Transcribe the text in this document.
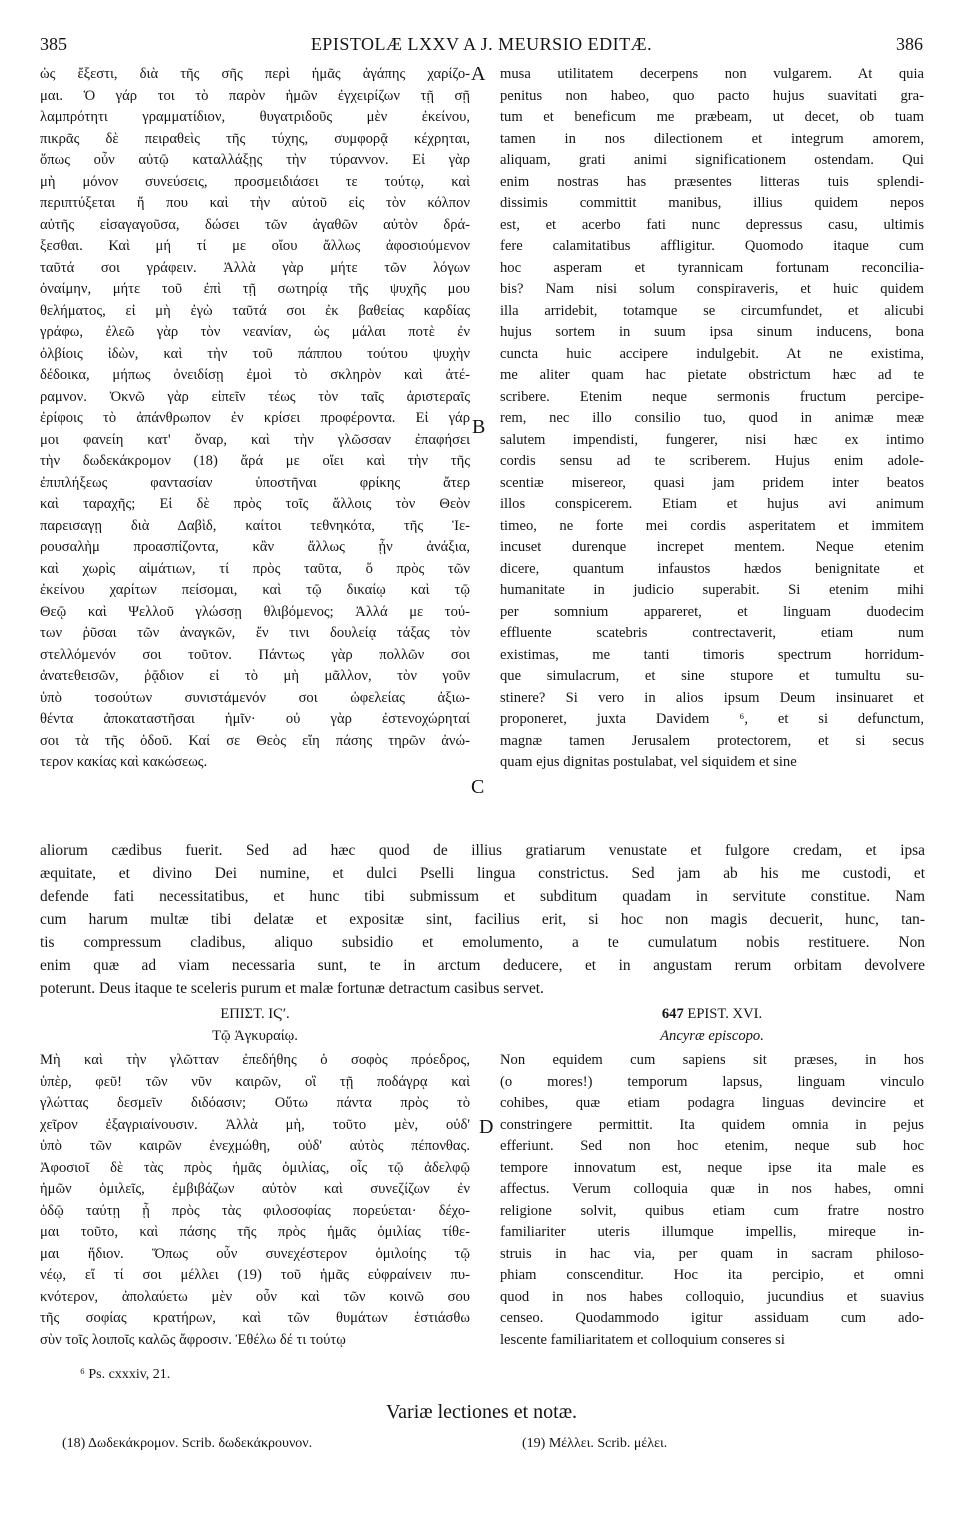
385	EPISTOLÆ LXXV A J. MEURSIO EDITÆ.	386
A
B
C
D
ὡς ἔξεστι, διὰ τῆς σῆς περὶ ἡμᾶς ἀγάπης χαρίζο-
μαι. Ὁ γάρ τοι τὸ παρὸν ἡμῶν ἐγχειρίζων τῇ σῇ
λαμπρότητι γραμματίδιον, θυγατριδοῦς μὲν ἐκείνου,
πικρᾶς δὲ πειραθεὶς τῆς τύχης, συμφορᾷ κέχρηται,
ὅπως οὖν αὐτῷ καταλλάξῃς τὴν τύραννον. Εἰ γὰρ
μὴ μόνον συνεύσεις, προσμειδιάσει τε τούτῳ, καὶ
περιπτύξεται ἤ που καὶ τὴν αὑτοῦ εἰς τὸν κόλπον
αὐτῆς εἰσαγαγοῦσα, δώσει τῶν ἀγαθῶν αὐτὸν δρά-
ξεσθαι. Καὶ μή τί με οἴου ἄλλως ἀφοσιούμενον
ταῦτά σοι γράφειν. Ἀλλὰ γὰρ μήτε τῶν λόγων
ὀναίμην, μήτε τοῦ ἐπὶ τῇ σωτηρίᾳ τῆς ψυχῆς μου
θελήματος, εἰ μὴ ἐγὼ ταῦτά σοι ἐκ βαθείας καρδίας
γράφω, ἐλεῶ γὰρ τὸν νεανίαν, ὡς μάλαι ποτὲ ἐν
ὀλβίοις ἰδὼν, καὶ τὴν τοῦ πάππου τούτου ψυχὴν
δέδοικα, μήπως ὀνειδίσῃ ἐμοὶ τὸ σκληρὸν καὶ ἀτέ-
ραμνον. Ὀκνῶ γὰρ εἰπεῖν τέως τὸν ταῖς ἀριστεραῖς
ἐρίφοις τὸ ἀπάνθρωπον ἐν κρίσει προφέροντα. Εἰ γάρ
μοι φανείη κατ' ὄναρ, καὶ τὴν γλῶσσαν ἐπαφήσει
τὴν δωδεκάκρομον (18) ἄρά με οἴει καὶ τὴν τῆς
ἐπιπλήξεως φαντασίαν ὑποστῆναι φρίκης ἄτερ
καὶ ταραχῆς; Εἰ δὲ πρὸς τοῖς ἄλλοις τὸν Θεὸν
παρεισαγῃ διὰ Δαβὶδ, καίτοι τεθνηκότα, τῆς Ἱε-
ρουσαλὴμ προασπίζοντα, κἂν ἄλλως ᾖν ἀνάξια,
καὶ χωρὶς αἱμάτιων, τί πρὸς ταῦτα, ὅ πρὸς τῶν
ἐκείνου χαρίτων πείσομαι, καὶ τῷ δικαίῳ καὶ τῷ
Θεῷ καὶ Ψελλοῦ γλώσσῃ θλιβόμενος; Ἀλλά με τού-
των ῥῦσαι τῶν ἀναγκῶν, ἔν τινι δουλείᾳ τάξας τὸν
στελλόμενόν σοι τοῦτον. Πάντως γὰρ πολλῶν σοι
ἀνατεθεισῶν, ῥᾷδιον εἰ τὸ μὴ μᾶλλον, τὸν γοῦν
ὑπὸ τοσούτων συνιστάμενόν σοι ὠφελείας ἀξιω-
θέντα ἀποκαταστῆσαι ἡμῖν· οὐ γὰρ ἐστενοχώρηταί
σοι τὰ τῆς ὁδοῦ. Καί σε Θεὸς εἴη πάσης τηρῶν ἀνώ-
τερον κακίας καὶ κακώσεως.
musa utilitatem decerpens non vulgarem. At quia
penitus non habeo, quo pacto hujus suavitati gra-
tum et beneficum me præbeam, ut decet, ob tuam
tamen in nos dilectionem et integrum amorem,
aliquam, grati animi significationem ostendam. Qui
enim nostras has præsentes litteras tuis splendi-
dissimis committit manibus, illius quidem nepos
est, et acerbo fati nunc depressus casu, ultimis
fere calamitatibus affligitur. Quomodo itaque cum
hoc asperam et tyrannicam fortunam reconcilia-
bis? Nam nisi solum conspiraveris, et huic quidem
illa arridebit, totamque se circumfundet, et alicubi
hujus sortem in suum ipsa sinum inducens, bona
cuncta huic accipere indulgebit. At ne existima,
me aliter quam hac pietate obstrictum hæc ad te
scribere. Etenim neque sermonis fructum percipe-
rem, nec illo consilio tuo, quod in animæ meæ
salutem impendisti, fungerer, nisi hæc ex intimo
cordis sensu ad te scriberem. Hujus enim adole-
scentiæ misereor, quasi jam pridem inter beatos
illos conspicerem. Etiam et hujus avi animum
timeo, ne forte mei cordis asperitatem et immitem
incuset durenque increpet mentem. Neque etenim
dicere, quantum infaustos hædos benignitate et
humanitate in judicio superabit. Si etenim mihi
per somnium appareret, et linguam duodecim
effluente scatebris contrectaverit, etiam num
existimas, me tanti timoris spectrum horridum-
que simulacrum, et sine stupore et tumultu su-
stinere? Si vero in alios ipsum Deum insinuaret et
proponeret, juxta Davidem ⁶, et si defunctum,
magnæ tamen Jerusalem protectorem, et si secus
quam ejus dignitas postulabat, vel siquidem et sine
aliorum cædibus fuerit. Sed ad hæc quod de illius gratiarum venustate et fulgore credam, et ipsa
æquitate, et divino Dei numine, et dulci Pselli lingua constrictus. Sed jam ab his me custodi, et
defende fati necessitatibus, et hunc tibi submissum et subditum quadam in servitute constitue. Nam
cum harum multæ tibi delatæ et expositæ sint, facilius erit, si hoc non magis decuerit, hunc, tan-
tis compressum cladibus, aliquo subsidio et emolumento, a te cumulatum nobis restituere. Non
enim quæ ad viam necessaria sunt, te in arctum deducere, et in angustam rerum orbitam devolvere
poterunt. Deus itaque te sceleris purum et malæ fortunæ detractum casibus servet.
ΕΠΙΣΤ. ΙϚʹ.
Τῷ Ἀγκυραίῳ.
647 EPIST. XVI.
Ancyræ episcopo.
Μὴ καὶ τὴν γλῶτταν ἐπεδήθης ὁ σοφὸς πρόεδρος,
ὑπὲρ, φεῦ! τῶν νῦν καιρῶν, οἳ τῇ ποδάγρᾳ καὶ
γλώττας δεσμεῖν διδόασιν; Οὕτω πάντα πρὸς τὸ
χεῖρον ἐξαγριαίνουσιν. Ἀλλὰ μὴ, τοῦτο μὲν, οὐδ'
ὑπὸ τῶν καιρῶν ἐνεχμώθη, οὐδ' αὐτὸς πέπονθας.
Ἀφοσιοῖ δὲ τὰς πρὸς ἡμᾶς ὁμιλίας, οἷς τῷ ἀδελφῷ
ἡμῶν ὁμιλεῖς, ἐμβιβάζων αὐτὸν καὶ συνεζίζων ἐν
ὁδῷ ταύτῃ ᾗ πρὸς τὰς φιλοσοφίας πορεύεται· δέχο-
μαι τοῦτο, καὶ πάσης τῆς πρὸς ἡμᾶς ὁμιλίας τίθε-
μαι ἥδιον. Ὅπως οὖν συνεχέστερον ὁμιλοίης τῷ
νέῳ, εἴ τί σοι μέλλει (19) τοῦ ἡμᾶς εὐφραίνειν πυ-
κνότερον, ἀπολαύετω μὲν οὖν καὶ τῶν κοινῶ σου
τῆς σοφίας κρατήρων, καὶ τῶν θυμάτων ἑστιάσθω
σὺν τοῖς λοιποῖς καλῶς ἄφροσιν. Ἐθέλω δέ τι τούτῳ
Non equidem cum sapiens sit præses, in hos
(o mores!) temporum lapsus, linguam vinculo
cohibes, quæ etiam podagra linguas devincire et
constringere permittit. Ita quidem omnia in pejus
efferiunt. Sed non hoc etenim, neque sub hoc
tempore innovatum est, neque ipse ita male es
affectus. Verum colloquia quæ in nos habes, omni
religione solvit, quibus etiam cum fratre nostro
familiariter uteris illumque impellis, mireque in-
struis in hac via, per quam in sacram philoso-
phiam conscenditur. Hoc ita percipio, et omni
quod in nos habes colloquio, jucundius et suavius
censeo. Quodammodo igitur assiduam cum ado-
lescente familiaritatem et colloquium conseres si
⁶ Ps. cxxxiv, 21.
Variæ lectiones et notæ.
(18) Δωδεκάκρομον. Scrib. δωδεκάκρουνον.	(19) Μέλλει. Scrib. μέλει.
